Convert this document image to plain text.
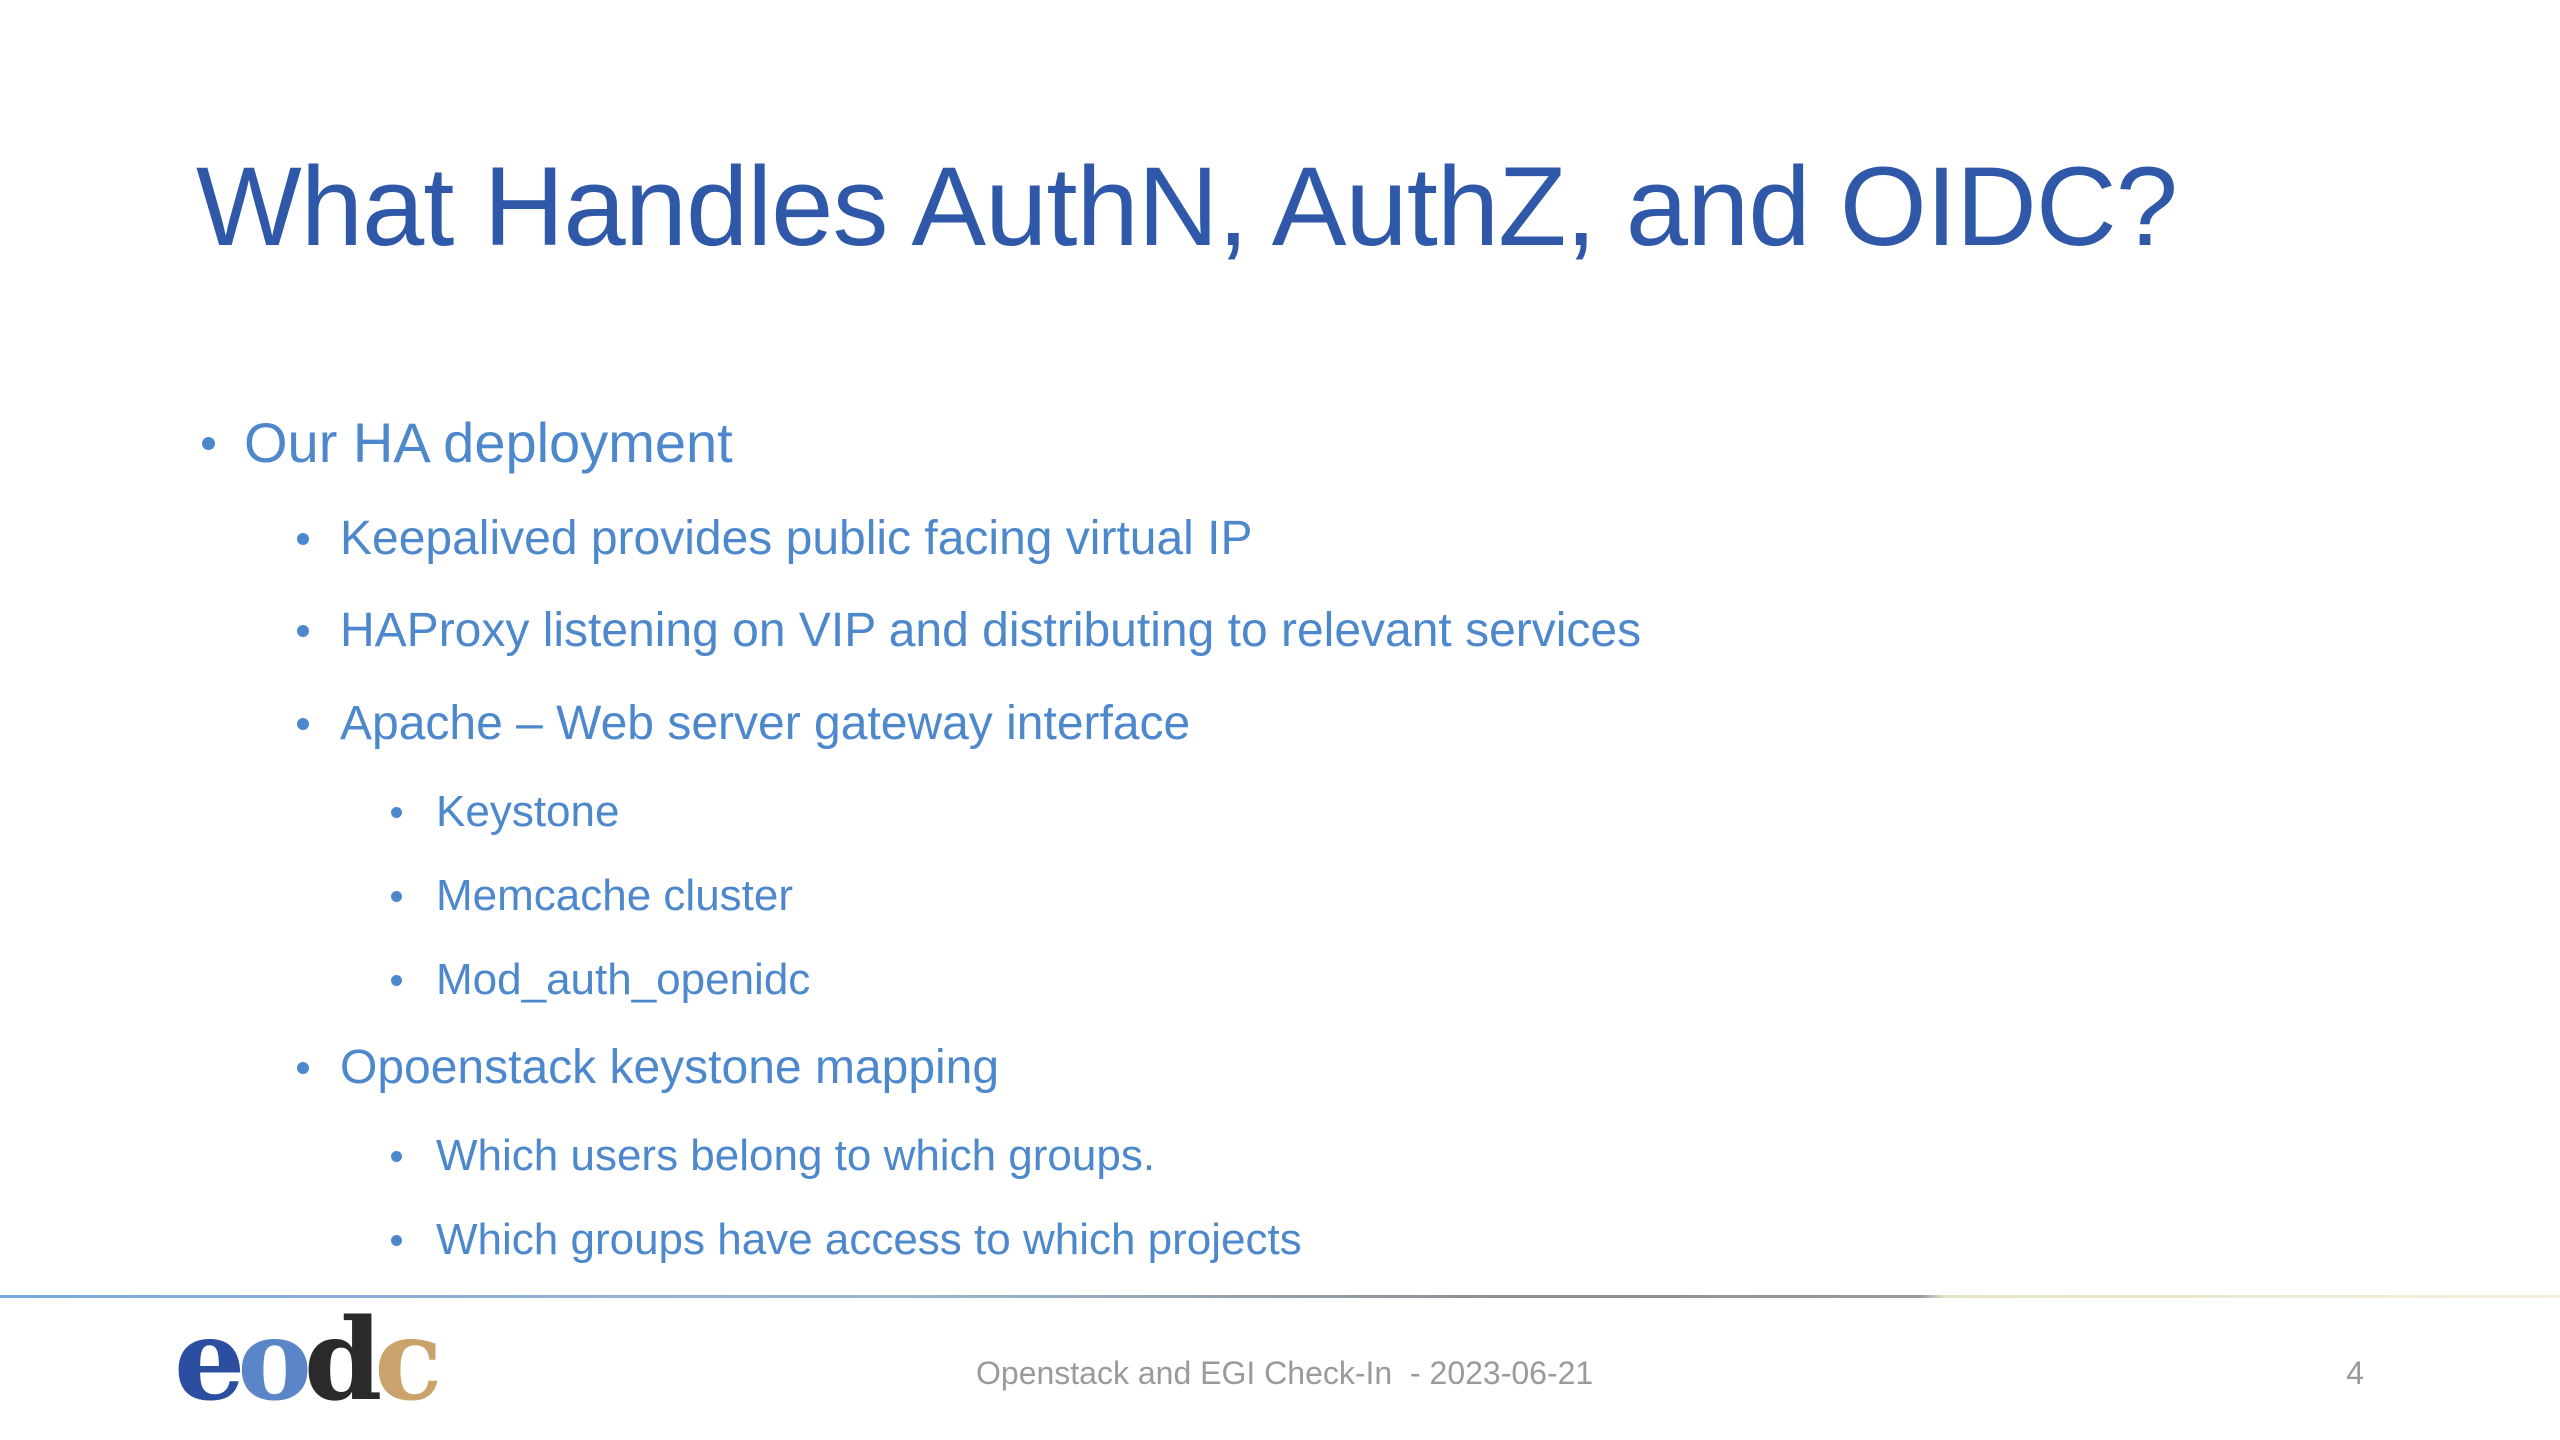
What Handles AuthN, AuthZ, and OIDC?
Our HA deployment
Keepalived provides public facing virtual IP
HAProxy listening on VIP and distributing to relevant services
Apache – Web server gateway interface
Keystone
Memcache cluster
Mod_auth_openidc
Opoenstack keystone mapping
Which users belong to which groups.
Which groups have access to which projects
eodc	Openstack and EGI Check-In  - 2023-06-21	4
